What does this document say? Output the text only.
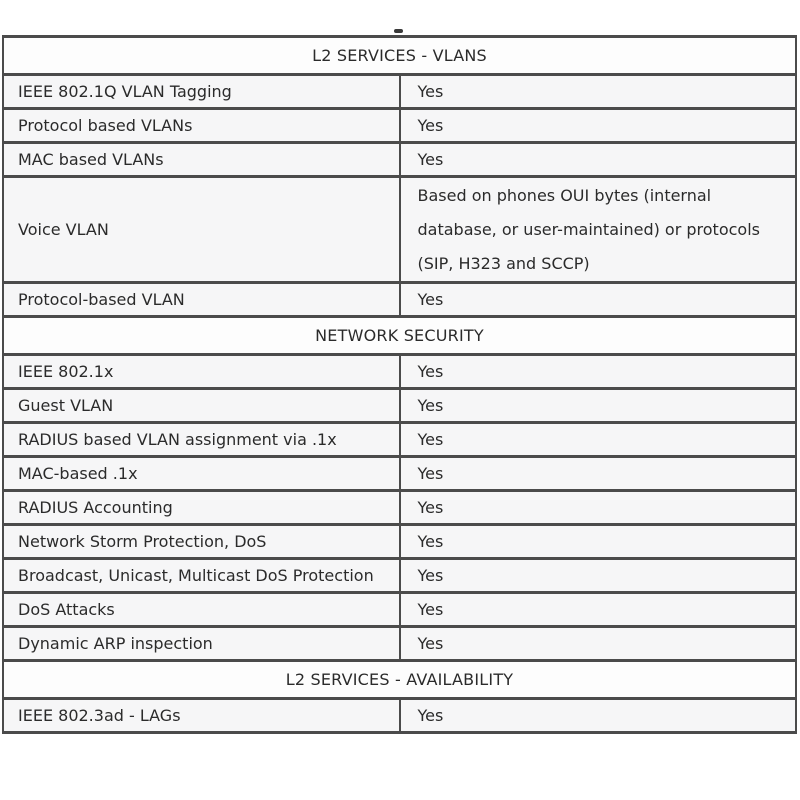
L2 SERVICES - VLANS	
IEEE 802.1Q VLAN Tagging	Yes
Protocol based VLANs	Yes
MAC based VLANs	Yes
Voice VLAN	Based on phones OUI bytes (internal
database, or user-maintained) or protocols
(SIP, H323 and SCCP)

Protocol-based VLAN	Yes
NETWORK SECURITY	
IEEE 802.1x	Yes
Guest VLAN	Yes
RADIUS based VLAN assignment via .1x	Yes
MAC-based .1x	Yes
RADIUS Accounting	Yes
Network Storm Protection, DoS	Yes
Broadcast, Unicast, Multicast DoS Protection	Yes
DoS Attacks	Yes
Dynamic ARP inspection	Yes
L2 SERVICES - AVAILABILITY	
IEEE 802.3ad - LAGs	Yes
